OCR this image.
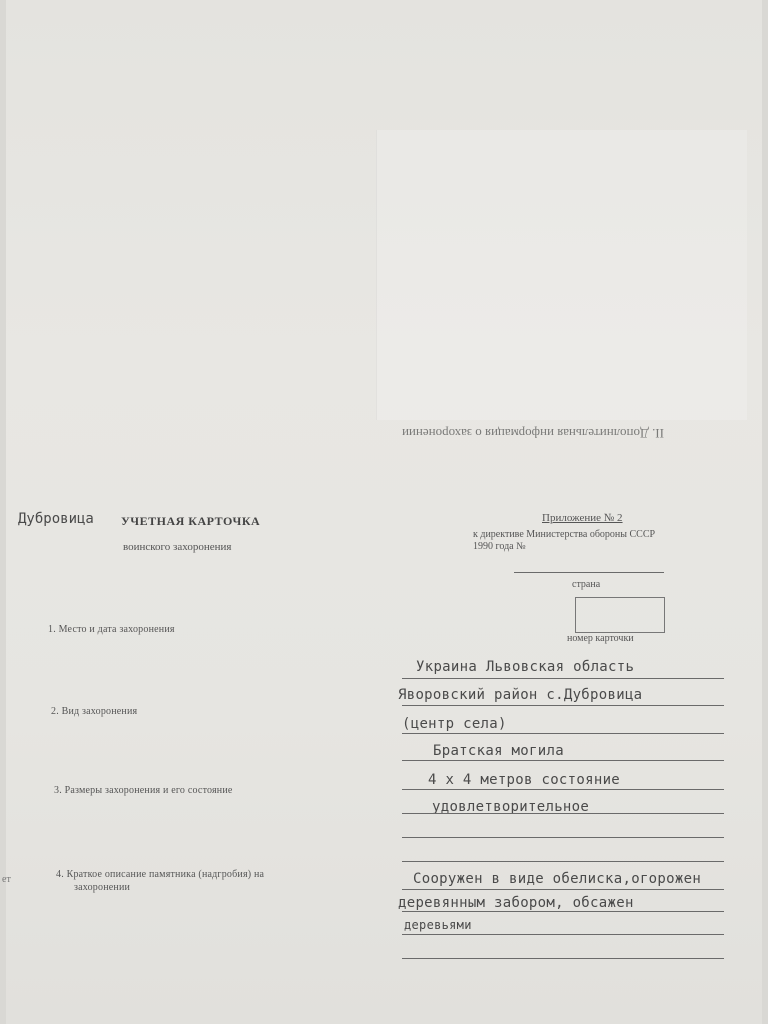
II. Дополнительная информация о захоронении
Дубровица УЧЕТНАЯ КАРТОЧКА
воинского захоронения
Приложение № 2
к директиве Министерства обороны СССР
1990 года №
страна
номер карточки
ет
1. Место и дата захоронения
Украина Львовская область
Яворовский район с.Дубровица
(центр села)
2. Вид захоронения
Братская могила
3. Размеры захоронения и его состояние
4 х 4 метров состояние
удовлетворительное
4. Краткое описание памятника (надгробия) на
захоронении
Сооружен в виде обелиска,огорожен
деревянным забором, обсажен
деревьями
